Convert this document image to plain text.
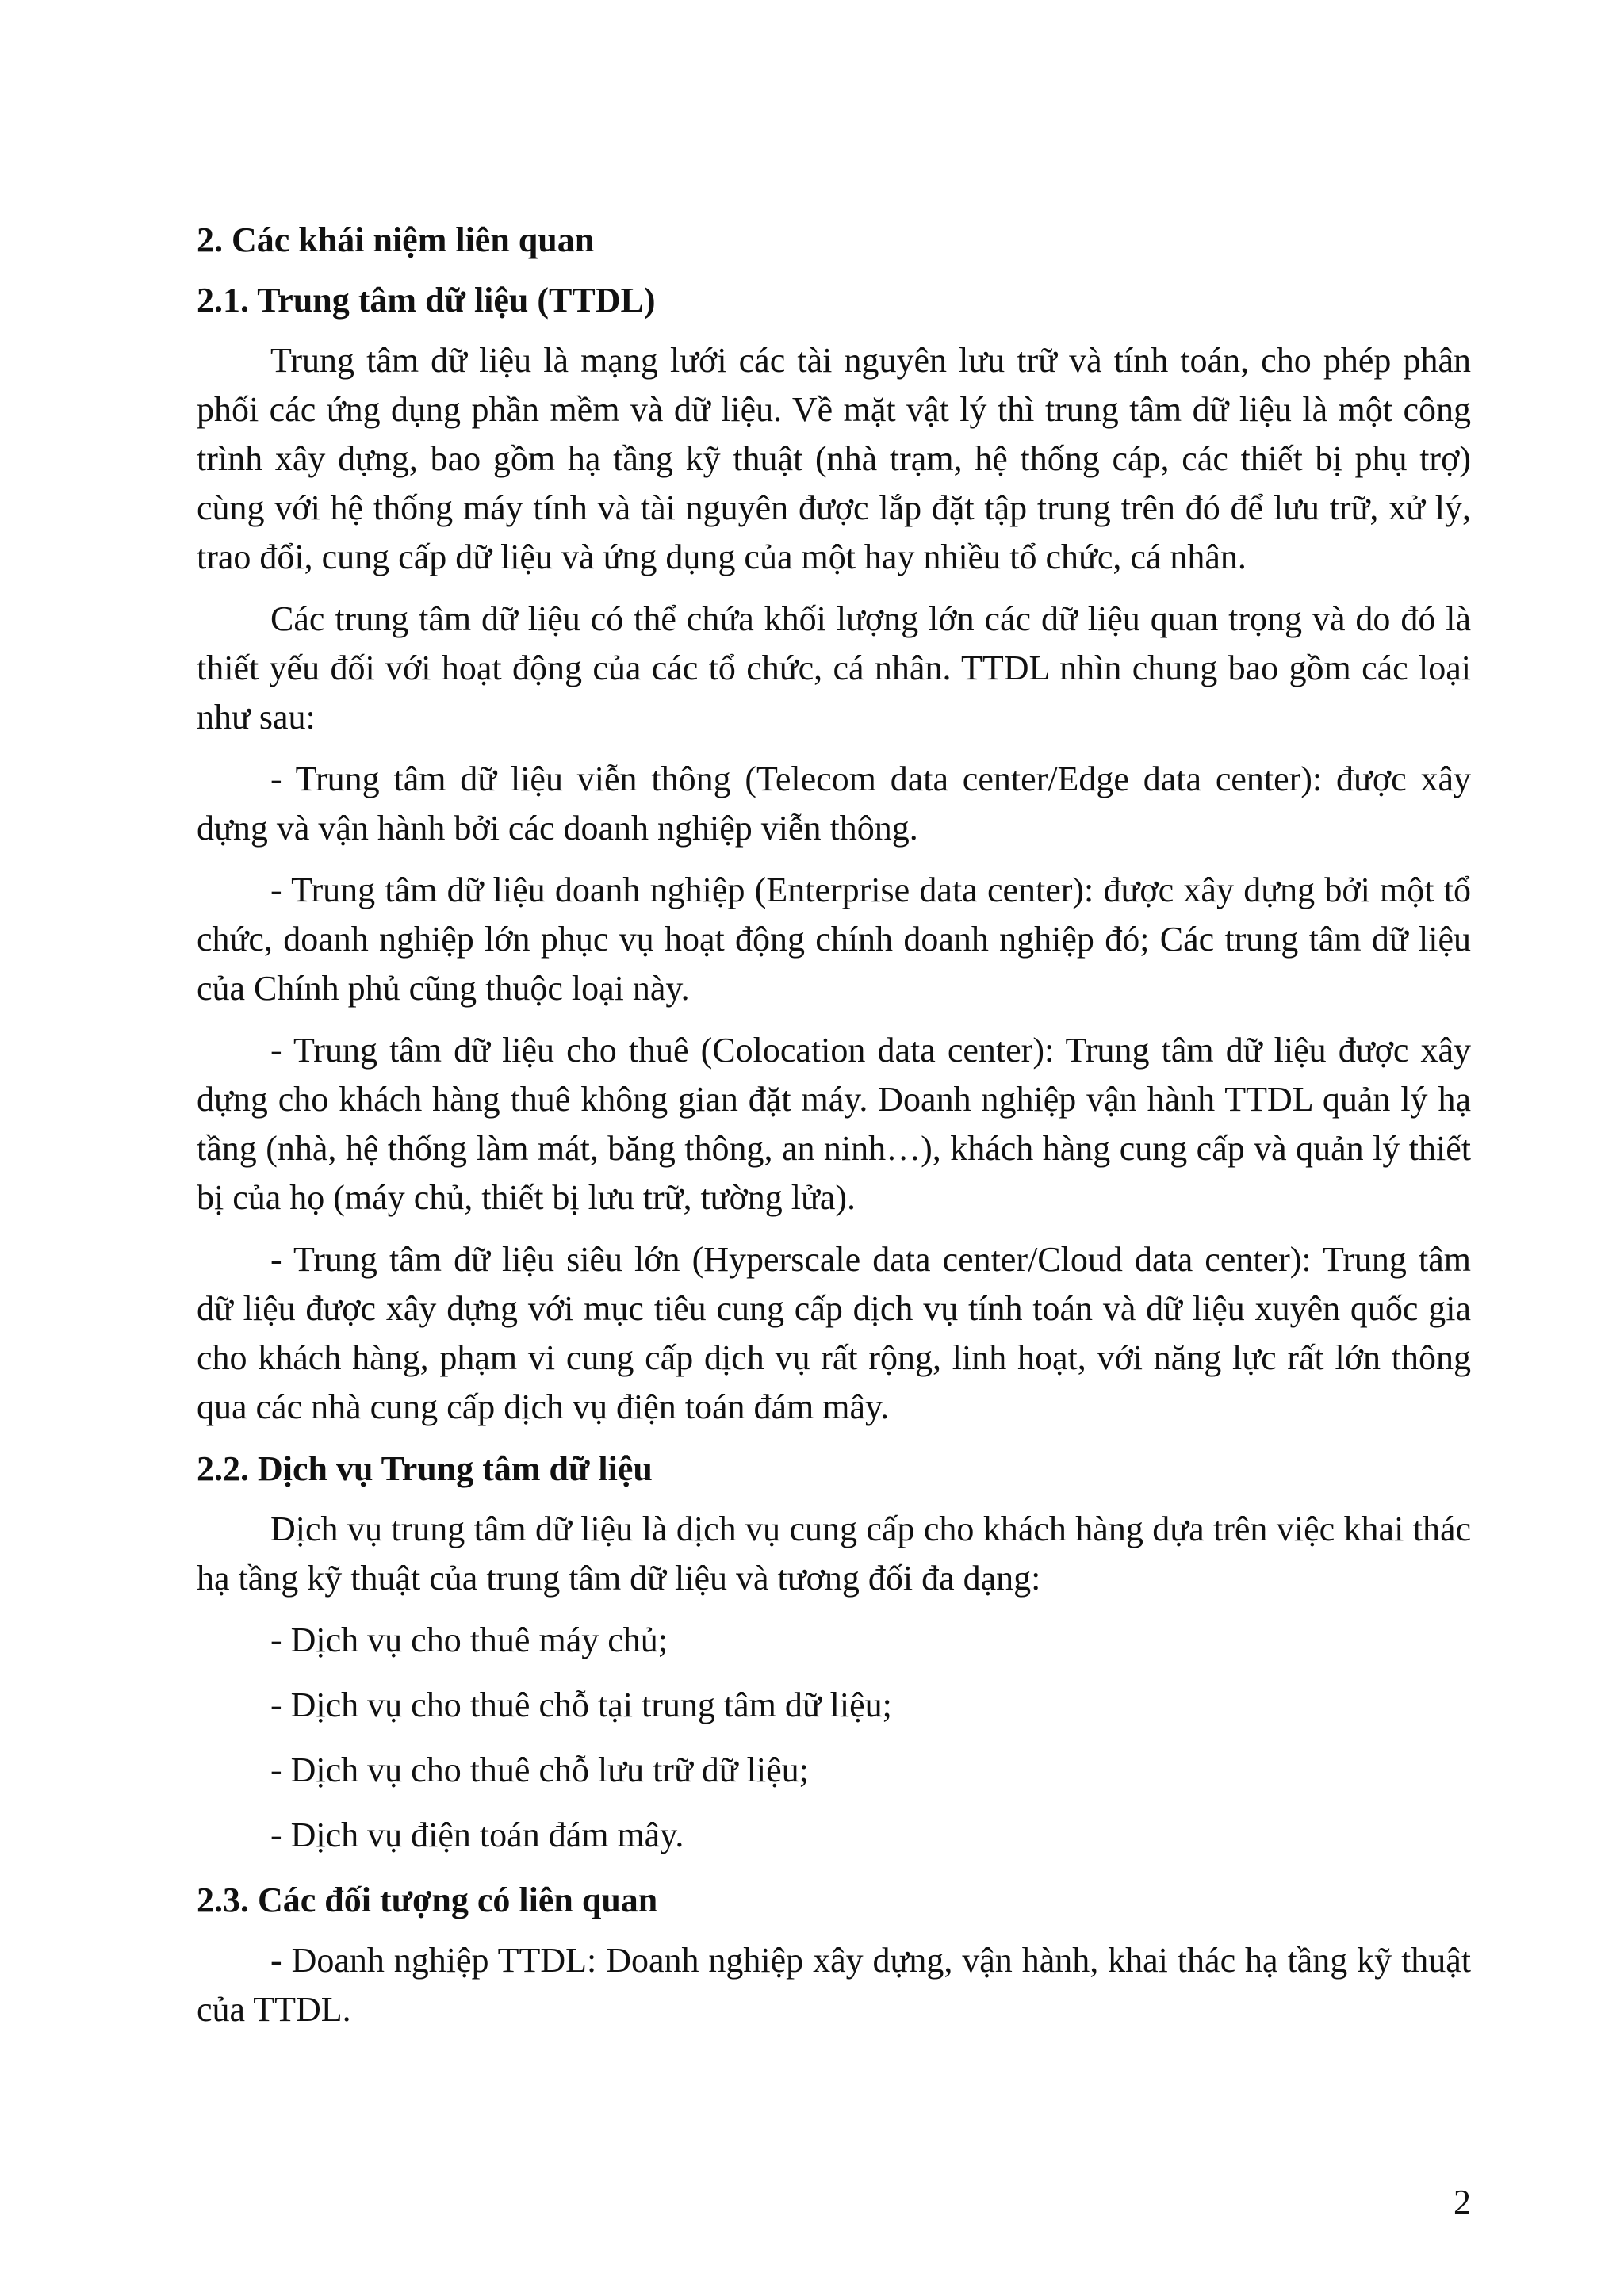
2. Các khái niệm liên quan
2.1. Trung tâm dữ liệu (TTDL)

Trung tâm dữ liệu là mạng lưới các tài nguyên lưu trữ và tính toán, cho phép phân phối các ứng dụng phần mềm và dữ liệu. Về mặt vật lý thì trung tâm dữ liệu là một công trình xây dựng, bao gồm hạ tầng kỹ thuật (nhà trạm, hệ thống cáp, các thiết bị phụ trợ) cùng với hệ thống máy tính và tài nguyên được lắp đặt tập trung trên đó để lưu trữ, xử lý, trao đổi, cung cấp dữ liệu và ứng dụng của một hay nhiều tổ chức, cá nhân.

Các trung tâm dữ liệu có thể chứa khối lượng lớn các dữ liệu quan trọng và do đó là thiết yếu đối với hoạt động của các tổ chức, cá nhân. TTDL nhìn chung bao gồm các loại như sau:

- Trung tâm dữ liệu viễn thông (Telecom data center/Edge data center): được xây dựng và vận hành bởi các doanh nghiệp viễn thông.

- Trung tâm dữ liệu doanh nghiệp (Enterprise data center): được xây dựng bởi một tổ chức, doanh nghiệp lớn phục vụ hoạt động chính doanh nghiệp đó; Các trung tâm dữ liệu của Chính phủ cũng thuộc loại này.

- Trung tâm dữ liệu cho thuê (Colocation data center): Trung tâm dữ liệu được xây dựng cho khách hàng thuê không gian đặt máy. Doanh nghiệp vận hành TTDL quản lý hạ tầng (nhà, hệ thống làm mát, băng thông, an ninh…), khách hàng cung cấp và quản lý thiết bị của họ (máy chủ, thiết bị lưu trữ, tường lửa).

- Trung tâm dữ liệu siêu lớn (Hyperscale data center/Cloud data center): Trung tâm dữ liệu được xây dựng với mục tiêu cung cấp dịch vụ tính toán và dữ liệu xuyên quốc gia cho khách hàng, phạm vi cung cấp dịch vụ rất rộng, linh hoạt, với năng lực rất lớn thông qua các nhà cung cấp dịch vụ điện toán đám mây.

2.2. Dịch vụ Trung tâm dữ liệu

Dịch vụ trung tâm dữ liệu là dịch vụ cung cấp cho khách hàng dựa trên việc khai thác hạ tầng kỹ thuật của trung tâm dữ liệu và tương đối đa dạng:

- Dịch vụ cho thuê máy chủ;
- Dịch vụ cho thuê chỗ tại trung tâm dữ liệu;
- Dịch vụ cho thuê chỗ lưu trữ dữ liệu;
- Dịch vụ điện toán đám mây.
2.3. Các đối tượng có liên quan

- Doanh nghiệp TTDL: Doanh nghiệp xây dựng, vận hành, khai thác hạ tầng kỹ thuật của TTDL.

2
